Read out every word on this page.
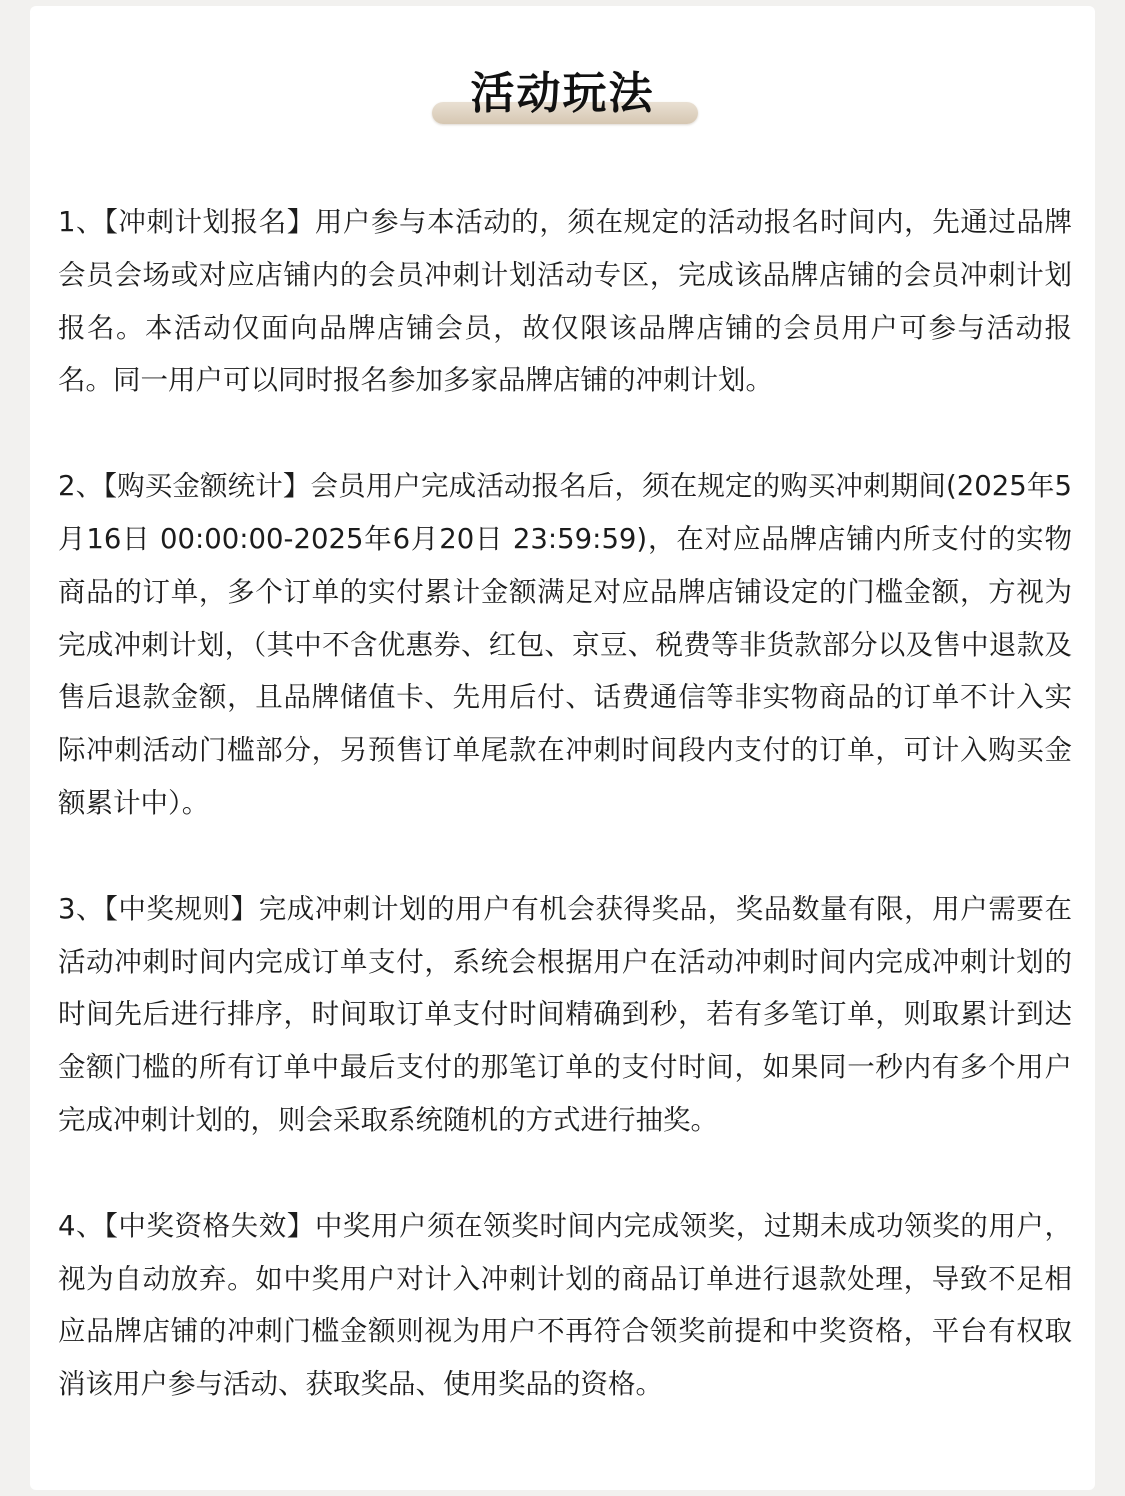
活动玩法

1、【冲刺计划报名】用户参与本活动的，须在规定的活动报名时间内，先通过品牌会员会场或对应店铺内的会员冲刺计划活动专区，完成该品牌店铺的会员冲刺计划报名。本活动仅面向品牌店铺会员，故仅限该品牌店铺的会员用户可参与活动报名。同一用户可以同时报名参加多家品牌店铺的冲刺计划。

2、【购买金额统计】会员用户完成活动报名后，须在规定的购买冲刺期间(2025年5月16日 00:00:00-2025年6月20日 23:59:59)，在对应品牌店铺内所支付的实物商品的订单，多个订单的实付累计金额满足对应品牌店铺设定的门槛金额，方视为完成冲刺计划，（其中不含优惠券、红包、京豆、税费等非货款部分以及售中退款及售后退款金额，且品牌储值卡、先用后付、话费通信等非实物商品的订单不计入实际冲刺活动门槛部分，另预售订单尾款在冲刺时间段内支付的订单，可计入购买金额累计中）。

3、【中奖规则】完成冲刺计划的用户有机会获得奖品，奖品数量有限，用户需要在活动冲刺时间内完成订单支付，系统会根据用户在活动冲刺时间内完成冲刺计划的时间先后进行排序，时间取订单支付时间精确到秒，若有多笔订单，则取累计到达金额门槛的所有订单中最后支付的那笔订单的支付时间，如果同一秒内有多个用户完成冲刺计划的，则会采取系统随机的方式进行抽奖。

4、【中奖资格失效】中奖用户须在领奖时间内完成领奖，过期未成功领奖的用户，视为自动放弃。如中奖用户对计入冲刺计划的商品订单进行退款处理，导致不足相应品牌店铺的冲刺门槛金额则视为用户不再符合领奖前提和中奖资格，平台有权取消该用户参与活动、获取奖品、使用奖品的资格。
